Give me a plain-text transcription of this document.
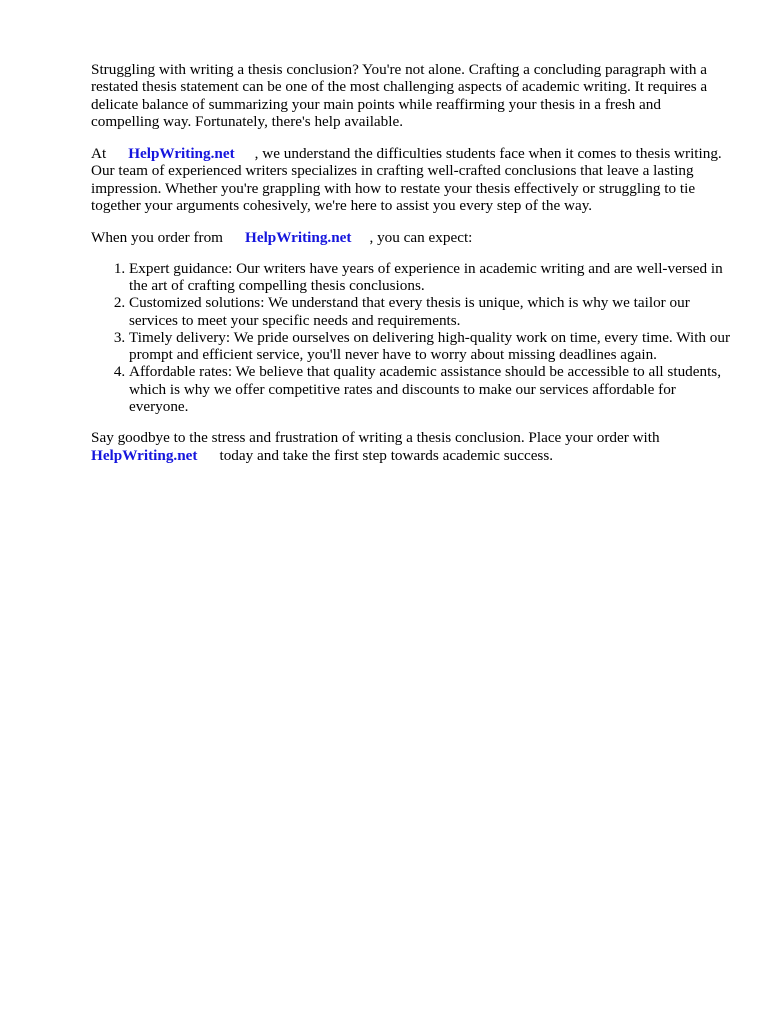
Struggling with writing a thesis conclusion? You're not alone. Crafting a concluding paragraph with a restated thesis statement can be one of the most challenging aspects of academic writing. It requires a delicate balance of summarizing your main points while reaffirming your thesis in a fresh and compelling way. Fortunately, there's help available.

At HelpWriting.net , we understand the difficulties students face when it comes to thesis writing. Our team of experienced writers specializes in crafting well-crafted conclusions that leave a lasting impression. Whether you're grappling with how to restate your thesis effectively or struggling to tie together your arguments cohesively, we're here to assist you every step of the way.

When you order from HelpWriting.net , you can expect:

1. Expert guidance: Our writers have years of experience in academic writing and are well-versed in the art of crafting compelling thesis conclusions.
2. Customized solutions: We understand that every thesis is unique, which is why we tailor our services to meet your specific needs and requirements.
3. Timely delivery: We pride ourselves on delivering high-quality work on time, every time. With our prompt and efficient service, you'll never have to worry about missing deadlines again.
4. Affordable rates: We believe that quality academic assistance should be accessible to all students, which is why we offer competitive rates and discounts to make our services affordable for everyone.

Say goodbye to the stress and frustration of writing a thesis conclusion. Place your order with
HelpWriting.net today and take the first step towards academic success.
